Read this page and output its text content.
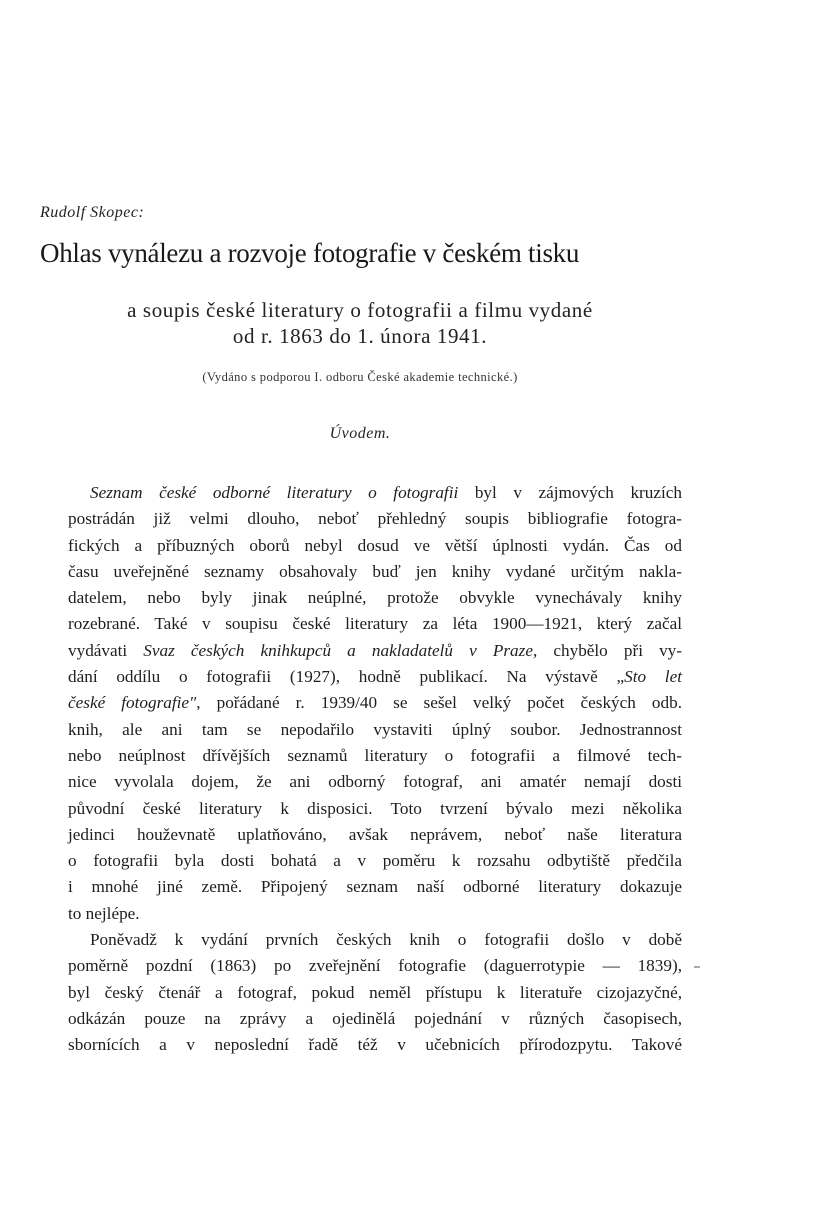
Rudolf Skopec:
Ohlas vynálezu a rozvoje fotografie v českém tisku
a soupis české literatury o fotografii a filmu vydané
od r. 1863 do 1. února 1941.
(Vydáno s podporou I. odboru České akademie technické.)
Úvodem.
Seznam české odborné literatury o fotografii byl v zájmových kruzích
postrádán již velmi dlouho, neboť přehledný soupis bibliografie fotogra-
fických a příbuzných oborů nebyl dosud ve větší úplnosti vydán. Čas od
času uveřejněné seznamy obsahovaly buď jen knihy vydané určitým nakla-
datelem, nebo byly jinak neúplné, protože obvykle vynechávaly knihy
rozebrané. Také v soupisu české literatury za léta 1900—1921, který začal
vydávati Svaz českých knihkupců a nakladatelů v Praze, chybělo při vy-
dání oddílu o fotografii (1927), hodně publikací. Na výstavě „Sto let
české fotografie", pořádané r. 1939/40 se sešel velký počet českých odb.
knih, ale ani tam se nepodařilo vystaviti úplný soubor. Jednostrannost
nebo neúplnost dřívějších seznamů literatury o fotografii a filmové tech-
nice vyvolala dojem, že ani odborný fotograf, ani amatér nemají dosti
původní české literatury k disposici. Toto tvrzení bývalo mezi několika
jedinci houževnatě uplatňováno, avšak neprávem, neboť naše literatura
o fotografii byla dosti bohatá a v poměru k rozsahu odbytiště předčila
i mnohé jiné země. Připojený seznam naší odborné literatury dokazuje
to nejlépe.
Poněvadž k vydání prvních českých knih o fotografii došlo v době
poměrně pozdní (1863) po zveřejnění fotografie (daguerrotypie — 1839),
byl český čtenář a fotograf, pokud neměl přístupu k literatuře cizojazyčné,
odkázán pouze na zprávy a ojedinělá pojednání v různých časopisech,
sbornících a v neposlední řadě též v učebnicích přírodozpytu. Takové
